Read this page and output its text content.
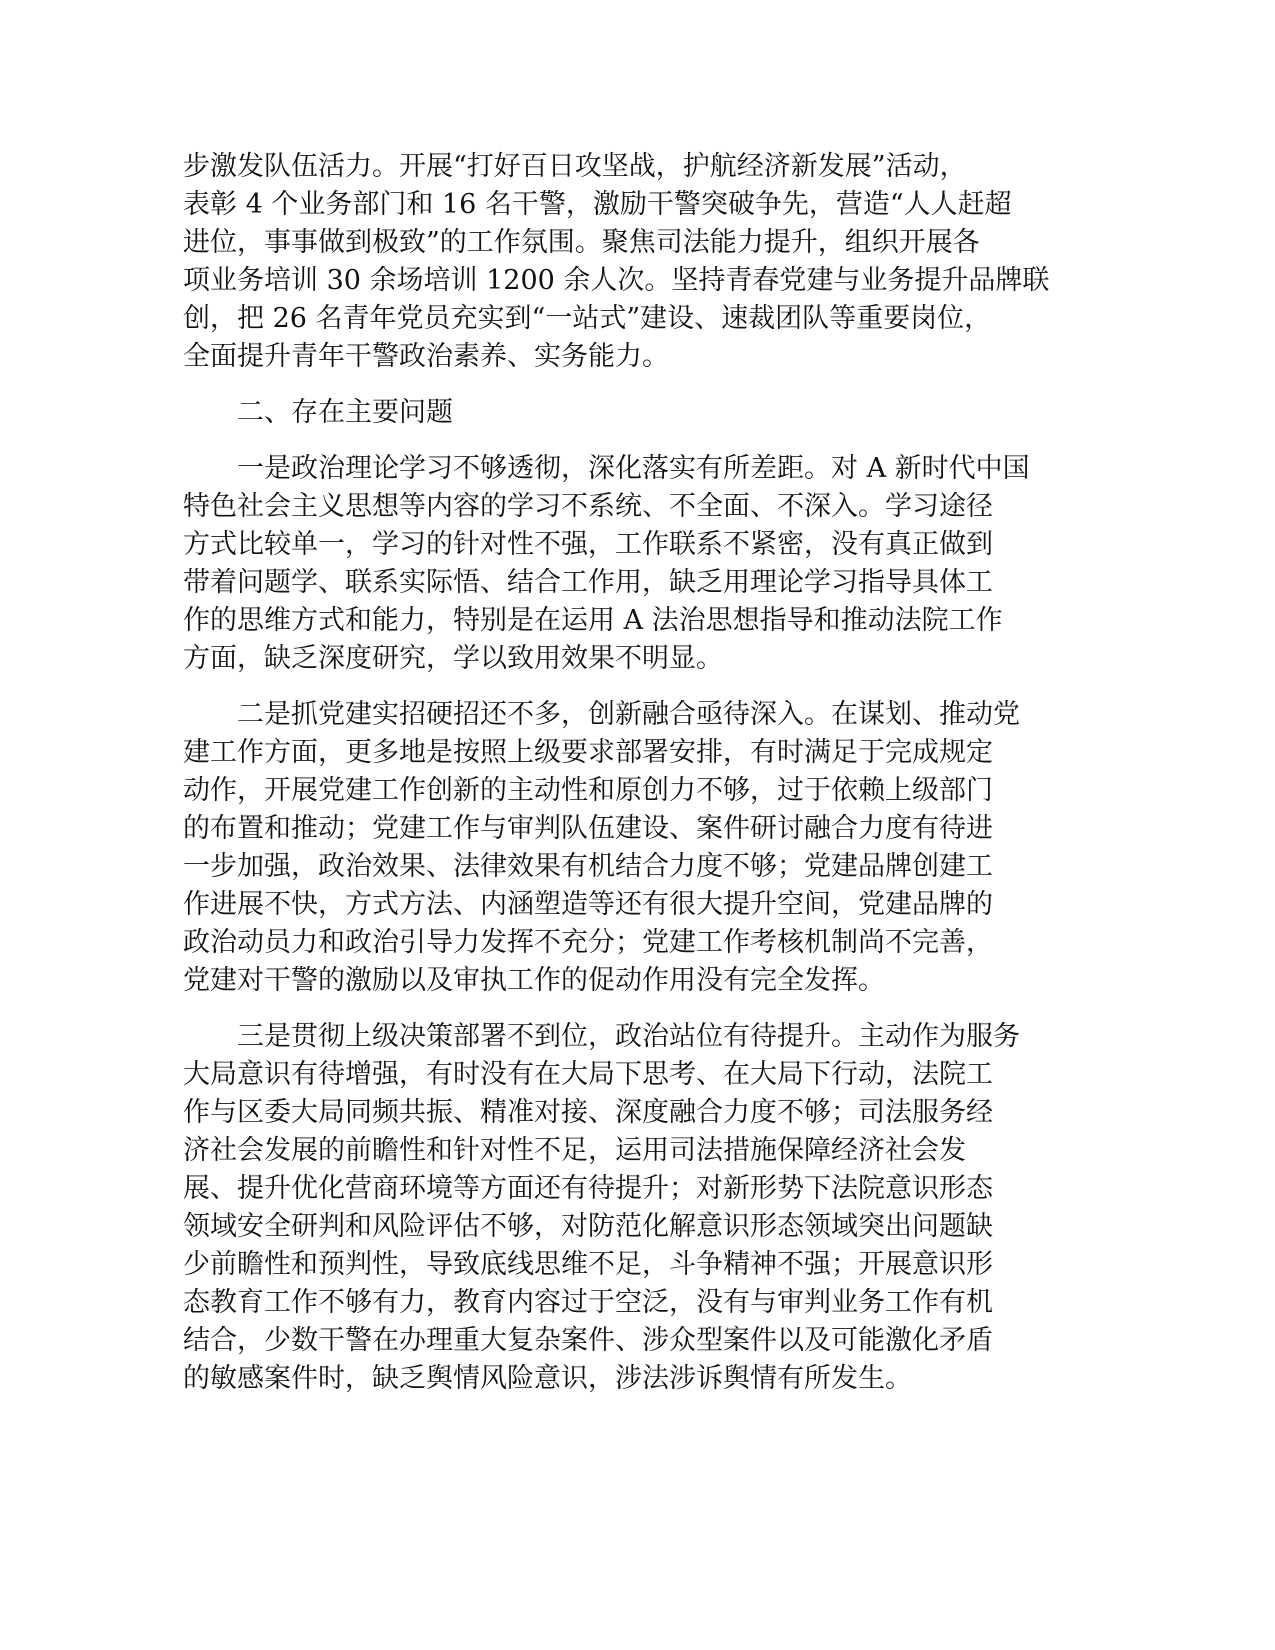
步激发队伍活力。开展“打好百日攻坚战，护航经济新发展”活动，
表彰 4 个业务部门和 16 名干警，激励干警突破争先，营造“人人赶超
进位，事事做到极致”的工作氛围。聚焦司法能力提升，组织开展各
项业务培训 30 余场培训 1200 余人次。坚持青春党建与业务提升品牌联
创，把 26 名青年党员充实到“一站式”建设、速裁团队等重要岗位，
全面提升青年干警政治素养、实务能力。
　　二、存在主要问题
　　一是政治理论学习不够透彻，深化落实有所差距。对 A 新时代中国
特色社会主义思想等内容的学习不系统、不全面、不深入。学习途径
方式比较单一，学习的针对性不强，工作联系不紧密，没有真正做到
带着问题学、联系实际悟、结合工作用，缺乏用理论学习指导具体工
作的思维方式和能力，特别是在运用 A 法治思想指导和推动法院工作
方面，缺乏深度研究，学以致用效果不明显。
　　二是抓党建实招硬招还不多，创新融合亟待深入。在谋划、推动党
建工作方面，更多地是按照上级要求部署安排，有时满足于完成规定
动作，开展党建工作创新的主动性和原创力不够，过于依赖上级部门
的布置和推动；党建工作与审判队伍建设、案件研讨融合力度有待进
一步加强，政治效果、法律效果有机结合力度不够；党建品牌创建工
作进展不快，方式方法、内涵塑造等还有很大提升空间，党建品牌的
政治动员力和政治引导力发挥不充分；党建工作考核机制尚不完善，
党建对干警的激励以及审执工作的促动作用没有完全发挥。
　　三是贯彻上级决策部署不到位，政治站位有待提升。主动作为服务
大局意识有待增强，有时没有在大局下思考、在大局下行动，法院工
作与区委大局同频共振、精准对接、深度融合力度不够；司法服务经
济社会发展的前瞻性和针对性不足，运用司法措施保障经济社会发
展、提升优化营商环境等方面还有待提升；对新形势下法院意识形态
领域安全研判和风险评估不够，对防范化解意识形态领域突出问题缺
少前瞻性和预判性，导致底线思维不足，斗争精神不强；开展意识形
态教育工作不够有力，教育内容过于空泛，没有与审判业务工作有机
结合，少数干警在办理重大复杂案件、涉众型案件以及可能激化矛盾
的敏感案件时，缺乏舆情风险意识，涉法涉诉舆情有所发生。
